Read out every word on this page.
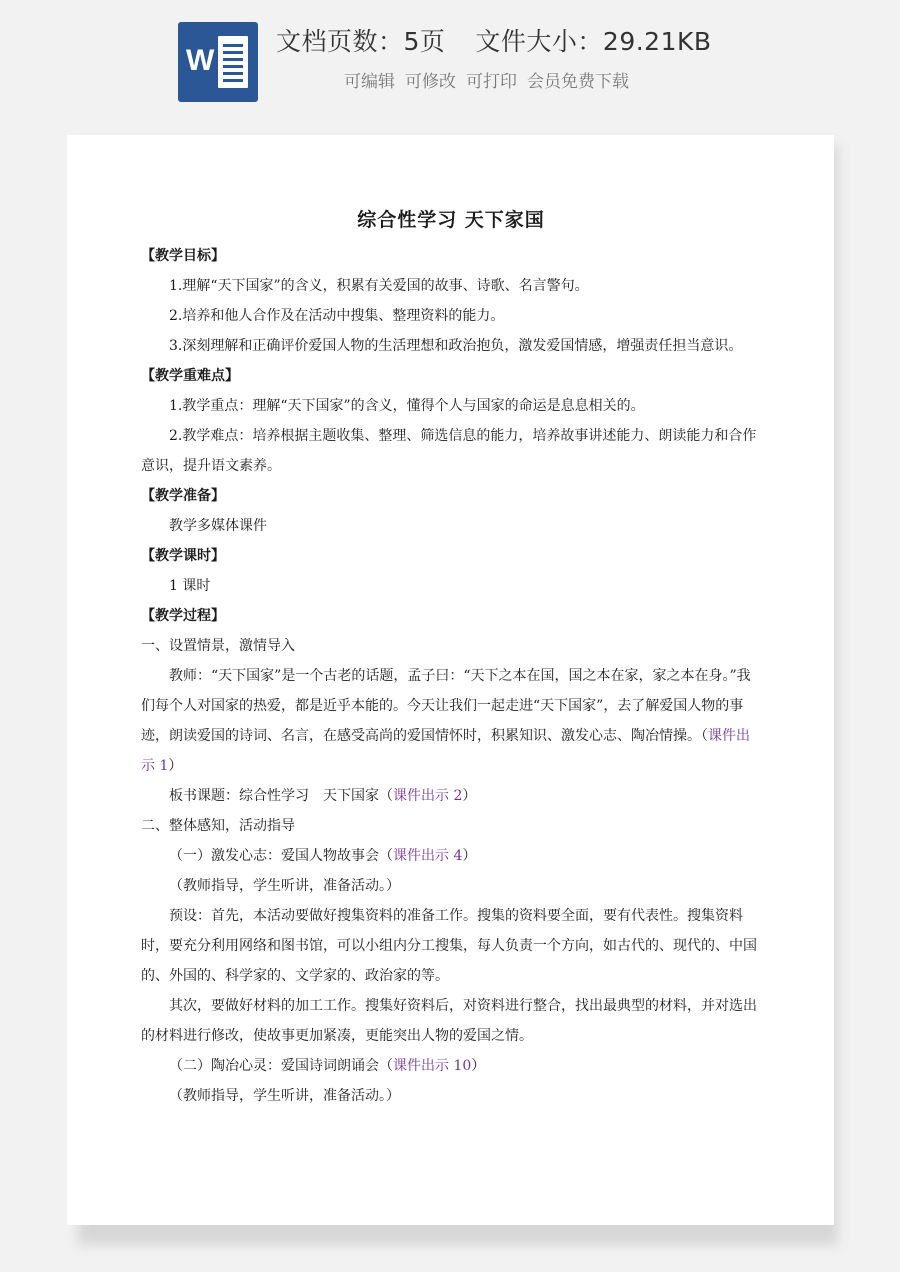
W
文档页数：5页 文件大小：29.21KB
可编辑 可修改 可打印 会员免费下载

综合性学习 天下家国

【教学目标】

1.理解“天下国家”的含义，积累有关爱国的故事、诗歌、名言警句。

2.培养和他人合作及在活动中搜集、整理资料的能力。

3.深刻理解和正确评价爱国人物的生活理想和政治抱负，激发爱国情感，增强责任担当意识。

【教学重难点】

1.教学重点：理解“天下国家”的含义，懂得个人与国家的命运是息息相关的。

2.教学难点：培养根据主题收集、整理、筛选信息的能力，培养故事讲述能力、朗读能力和合作意识，提升语文素养。

【教学准备】

教学多媒体课件

【教学课时】

1 课时

【教学过程】

一、设置情景，激情导入

教师：“天下国家”是一个古老的话题，孟子曰：“天下之本在国，国之本在家，家之本在身。”我们每个人对国家的热爱，都是近乎本能的。今天让我们一起走进“天下国家”，去了解爱国人物的事迹，朗读爱国的诗词、名言，在感受高尚的爱国情怀时，积累知识、激发心志、陶冶情操。（课件出示 1）

板书课题：综合性学习　天下国家（课件出示 2）

二、整体感知，活动指导

（一）激发心志：爱国人物故事会（课件出示 4）

（教师指导，学生听讲，准备活动。）

预设：首先，本活动要做好搜集资料的准备工作。搜集的资料要全面，要有代表性。搜集资料时，要充分利用网络和图书馆，可以小组内分工搜集，每人负责一个方向，如古代的、现代的、中国的、外国的、科学家的、文学家的、政治家的等。

其次，要做好材料的加工工作。搜集好资料后，对资料进行整合，找出最典型的材料，并对选出的材料进行修改，使故事更加紧凑，更能突出人物的爱国之情。

（二）陶冶心灵：爱国诗词朗诵会（课件出示 10）

（教师指导，学生听讲，准备活动。）
